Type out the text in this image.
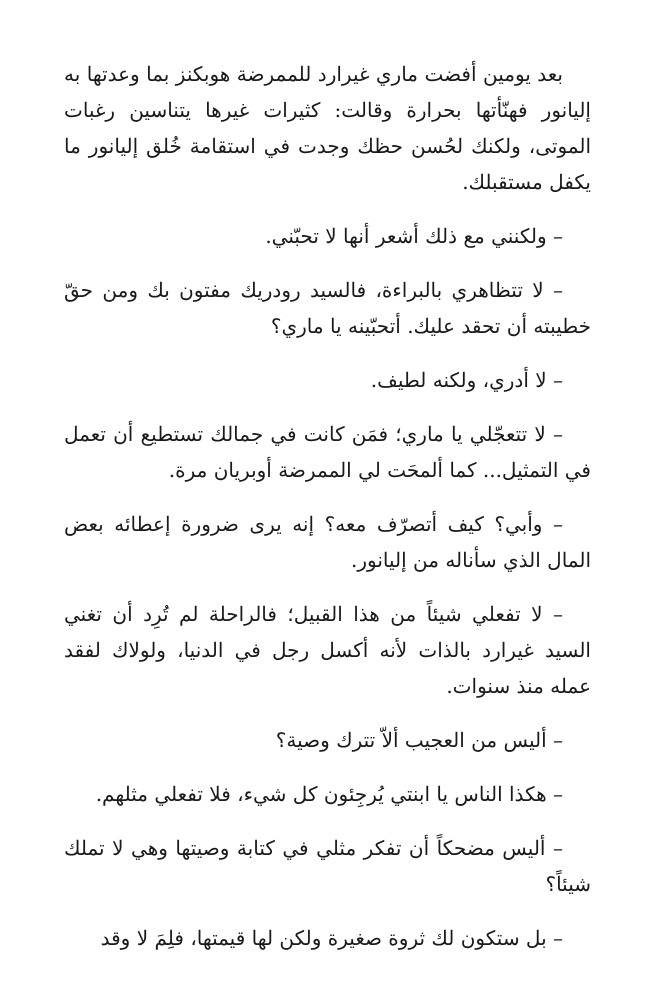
بعد يومين أفضت ماري غيرارد للممرضة هوبكنز بما وعدتها به إليانور فهنّأتها بحرارة وقالت: كثيرات غيرها يتناسين رغبات الموتى، ولكنك لحُسن حظك وجدت في استقامة خُلق إليانور ما يكفل مستقبلك.

– ولكنني مع ذلك أشعر أنها لا تحبّني.

– لا تتظاهري بالبراءة، فالسيد رودريك مفتون بك ومن حقّ خطيبته أن تحقد عليك. أتحبّينه يا ماري؟

– لا أدري، ولكنه لطيف.

– لا تتعجّلي يا ماري؛ فمَن كانت في جمالك تستطيع أن تعمل في التمثيل... كما ألمحَت لي الممرضة أوبريان مرة.

– وأبي؟ كيف أتصرّف معه؟ إنه يرى ضرورة إعطائه بعض المال الذي سأناله من إليانور.

– لا تفعلي شيئاً من هذا القبيل؛ فالراحلة لم تُرِد أن تغني السيد غيرارد بالذات لأنه أكسل رجل في الدنيا، ولولاك لفقد عمله منذ سنوات.

– أليس من العجيب ألاّ تترك وصية؟

– هكذا الناس يا ابنتي يُرجِئون كل شيء، فلا تفعلي مثلهم.

– أليس مضحكاً أن تفكر مثلي في كتابة وصيتها وهي لا تملك شيئاً؟

– بل ستكون لك ثروة صغيرة ولكن لها قيمتها، فلِمَ لا وقد
